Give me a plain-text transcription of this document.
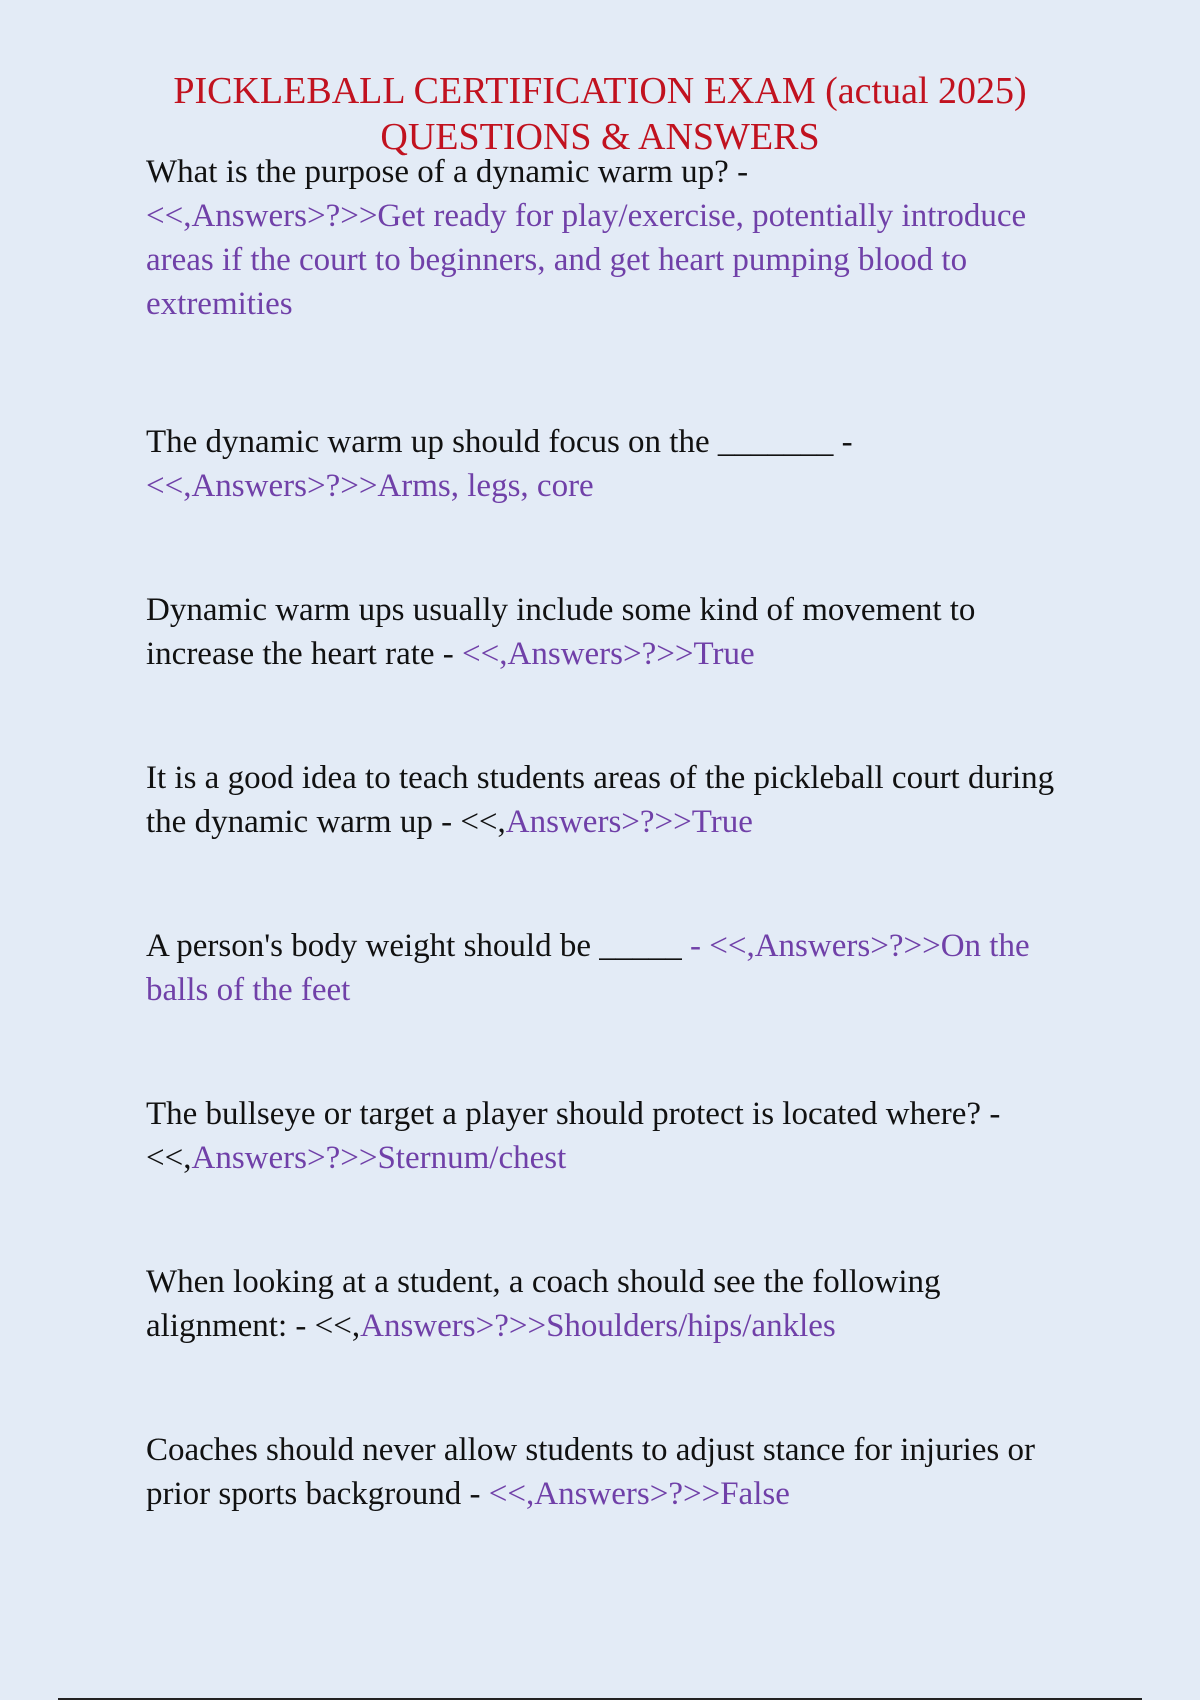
PICKLEBALL CERTIFICATION EXAM (actual 2025) QUESTIONS & ANSWERS

What is the purpose of a dynamic warm up? -
<<,Answers>?>>Get ready for play/exercise, potentially introduce areas if the court to beginners, and get heart pumping blood to extremities

The dynamic warm up should focus on the _______ -
<<,Answers>?>>Arms, legs, core

Dynamic warm ups usually include some kind of movement to increase the heart rate - <<,Answers>?>>True

It is a good idea to teach students areas of the pickleball court during the dynamic warm up - <<,Answers>?>>True

A person's body weight should be _____ - <<,Answers>?>>On the balls of the feet

The bullseye or target a player should protect is located where? - <<,Answers>?>>Sternum/chest

When looking at a student, a coach should see the following alignment: - <<,Answers>?>>Shoulders/hips/ankles

Coaches should never allow students to adjust stance for injuries or prior sports background - <<,Answers>?>>False
